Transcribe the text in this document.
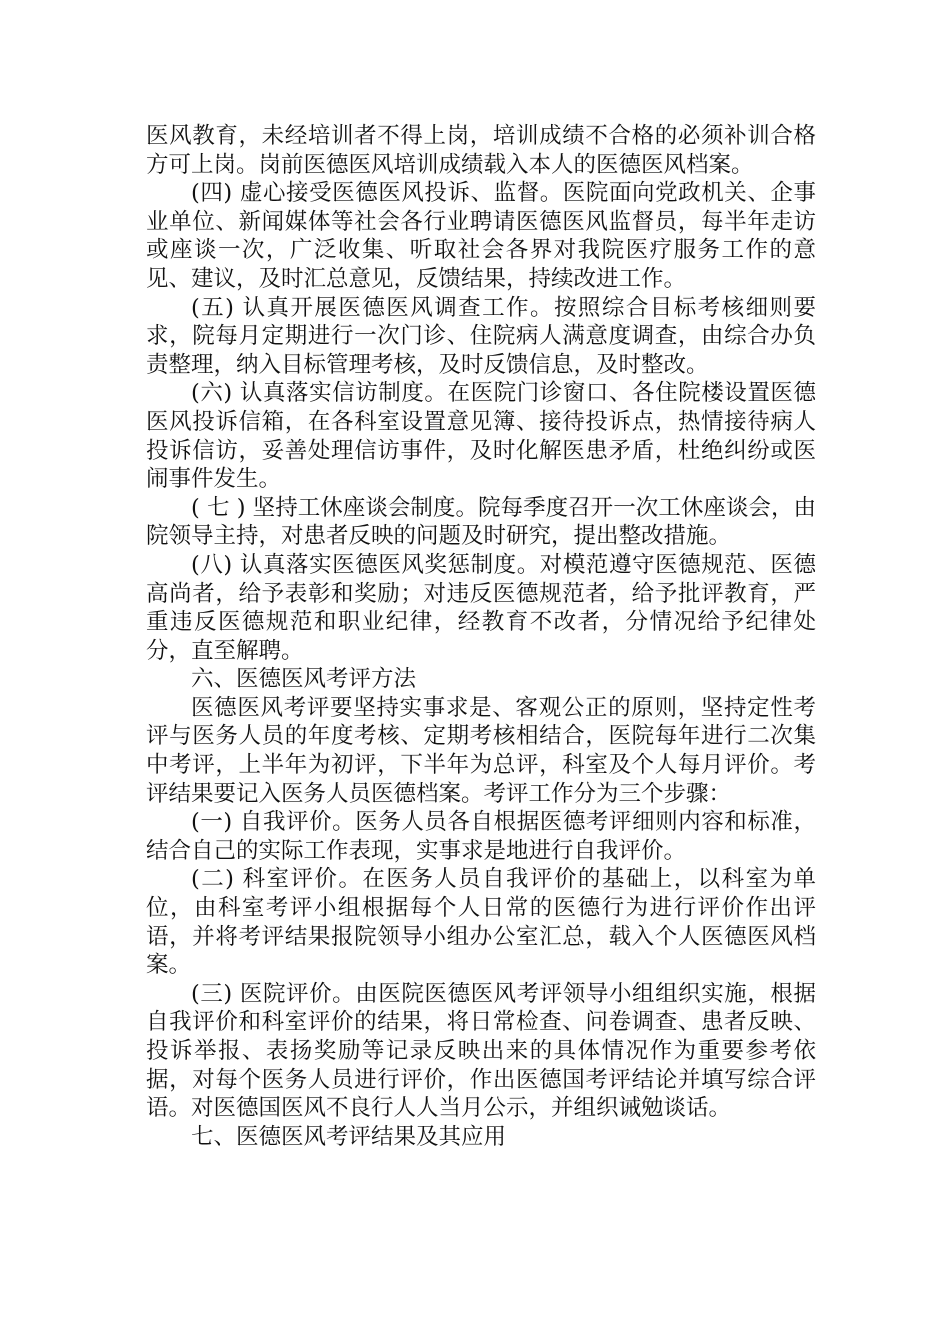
医风教育，未经培训者不得上岗，培训成绩不合格的必须补训合格方可上岗。岗前医德医风培训成绩载入本人的医德医风档案。

(四) 虚心接受医德医风投诉、监督。医院面向党政机关、企事业单位、新闻媒体等社会各行业聘请医德医风监督员，每半年走访或座谈一次，广泛收集、听取社会各界对我院医疗服务工作的意见、建议，及时汇总意见，反馈结果，持续改进工作。

(五) 认真开展医德医风调查工作。按照综合目标考核细则要求，院每月定期进行一次门诊、住院病人满意度调查，由综合办负责整理，纳入目标管理考核，及时反馈信息，及时整改。

(六) 认真落实信访制度。在医院门诊窗口、各住院楼设置医德医风投诉信箱，在各科室设置意见簿、接待投诉点，热情接待病人投诉信访，妥善处理信访事件，及时化解医患矛盾，杜绝纠纷或医闹事件发生。

( 七 ) 坚持工休座谈会制度。院每季度召开一次工休座谈会，由院领导主持，对患者反映的问题及时研究，提出整改措施。

(八) 认真落实医德医风奖惩制度。对模范遵守医德规范、医德高尚者，给予表彰和奖励；对违反医德规范者，给予批评教育，严重违反医德规范和职业纪律，经教育不改者，分情况给予纪律处分，直至解聘。

六、医德医风考评方法

医德医风考评要坚持实事求是、客观公正的原则，坚持定性考评与医务人员的年度考核、定期考核相结合，医院每年进行二次集中考评，上半年为初评，下半年为总评，科室及个人每月评价。考评结果要记入医务人员医德档案。考评工作分为三个步骤：

(一) 自我评价。医务人员各自根据医德考评细则内容和标准，结合自己的实际工作表现，实事求是地进行自我评价。

(二) 科室评价。在医务人员自我评价的基础上，以科室为单位，由科室考评小组根据每个人日常的医德行为进行评价作出评语，并将考评结果报院领导小组办公室汇总，载入个人医德医风档案。

(三) 医院评价。由医院医德医风考评领导小组组织实施，根据自我评价和科室评价的结果，将日常检查、问卷调查、患者反映、投诉举报、表扬奖励等记录反映出来的具体情况作为重要参考依据，对每个医务人员进行评价，作出医德国考评结论并填写综合评语。对医德国医风不良行人人当月公示，并组织诫勉谈话。

七、医德医风考评结果及其应用
